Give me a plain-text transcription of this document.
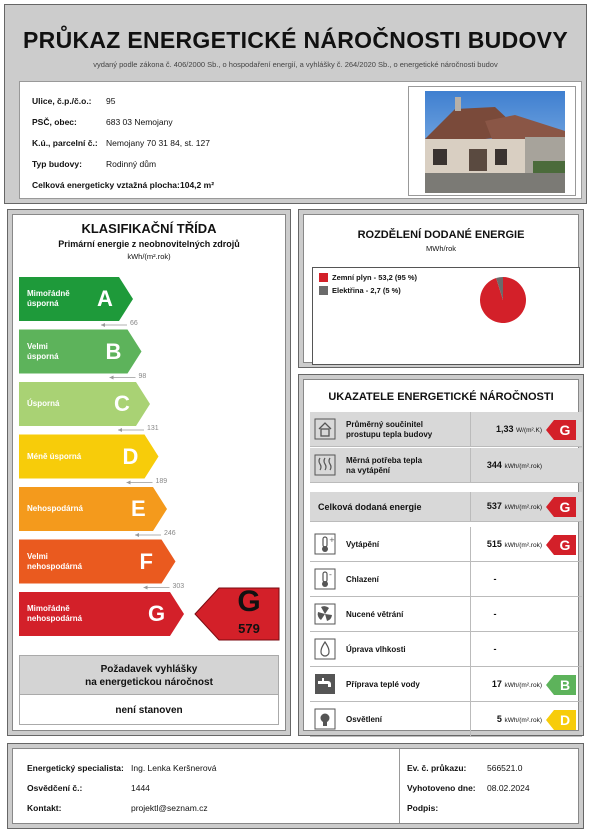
PRŮKAZ ENERGETICKÉ NÁROČNOSTI BUDOVY
vydaný podle zákona č. 406/2000 Sb., o hospodaření energií, a vyhlášky č. 264/2020 Sb., o energetické náročnosti budov
Ulice, č.p./č.o.: 95
PSČ, obec:	683 03 Nemojany
K.ú., parcelní č.: Nemojany 70 31 84, st. 127
Typ budovy:	Rodinný dům
Celková energeticky vztažná plocha: 104,2 m²
KLASIFIKAČNÍ TŘÍDA
Primární energie z neobnovitelných zdrojů
kWh/(m².rok)
Mimořádně
úsporná	A
66
Velmi
úsporná B
98
Úsporná C
131
Méně úsporná D
189
Nehospodárná E
246
Velmi
nehospodárná	F
303
Mimořádně
nehospodárná	G	G
579
Požadavek vyhlášky
na energetickou náročnost
není stanoven
ROZDĚLENÍ DODANÉ ENERGIE
MWh/rok
Zemní plyn - 53,2 (95 %)
Elektřina - 2,7 (5 %)
UKAZATELE ENERGETICKÉ NÁROČNOSTI
Průměrný součinitel
prostupu tepla budovy
1,33 W/(m².K) G
Měrná potřeba tepla
na vytápění
344 kWh/(m².rok)
Celková dodaná energie	537 kWh/(m².rok) G
+ Vytápění	515 kWh/(m².rok) G
-
Chlazení	-
Nucené větrání	-
Úprava vlhkosti	-
Příprava teplé vody	17 kWh/(m².rok) B
Osvětlení	5 kWh/(m².rok) D
Energetický specialista: Ing. Lenka Keršnerová
Osvědčení č.:	1444
Kontakt:	projektl@seznam.cz
Ev. č. průkazu: 566521.0
Vyhotoveno dne: 08.02.2024
Podpis:
